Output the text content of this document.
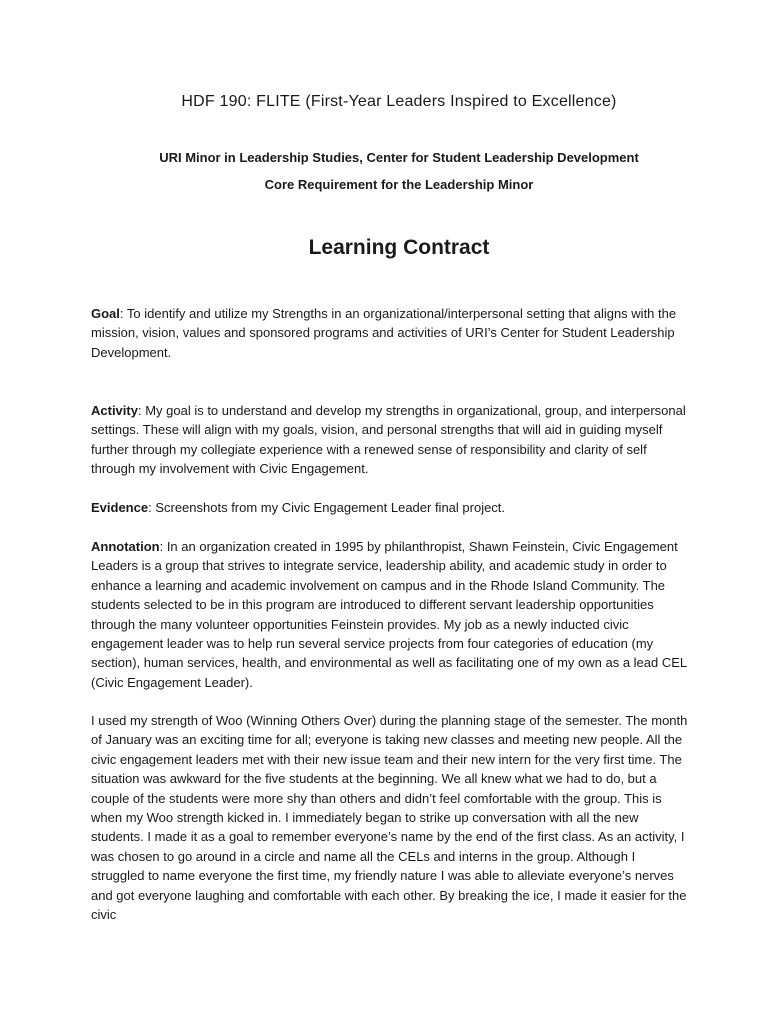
HDF 190: FLITE (First-Year Leaders Inspired to Excellence)

URI Minor in Leadership Studies, Center for Student Leadership Development

Core Requirement for the Leadership Minor

Learning Contract

Goal: To identify and utilize my Strengths in an organizational/interpersonal setting that aligns with the mission, vision, values and sponsored programs and activities of URI’s Center for Student Leadership Development.

Activity: My goal is to understand and develop my strengths in organizational, group, and interpersonal settings. These will align with my goals, vision, and personal strengths that will aid in guiding myself further through my collegiate experience with a renewed sense of responsibility and clarity of self through my involvement with Civic Engagement.

Evidence: Screenshots from my Civic Engagement Leader final project.

Annotation: In an organization created in 1995 by philanthropist, Shawn Feinstein, Civic Engagement Leaders is a group that strives to integrate service, leadership ability, and academic study in order to enhance a learning and academic involvement on campus and in the Rhode Island Community. The students selected to be in this program are introduced to different servant leadership opportunities through the many volunteer opportunities Feinstein provides. My job as a newly inducted civic engagement leader was to help run several service projects from four categories of education (my section), human services, health, and environmental as well as facilitating one of my own as a lead CEL (Civic Engagement Leader).

I used my strength of Woo (Winning Others Over) during the planning stage of the semester. The month of January was an exciting time for all; everyone is taking new classes and meeting new people. All the civic engagement leaders met with their new issue team and their new intern for the very first time. The situation was awkward for the five students at the beginning. We all knew what we had to do, but a couple of the students were more shy than others and didn’t feel comfortable with the group. This is when my Woo strength kicked in. I immediately began to strike up conversation with all the new students. I made it as a goal to remember everyone’s name by the end of the first class. As an activity, I was chosen to go around in a circle and name all the CELs and interns in the group. Although I struggled to name everyone the first time, my friendly nature I was able to alleviate everyone’s nerves and got everyone laughing and comfortable with each other. By breaking the ice, I made it easier for the civic
